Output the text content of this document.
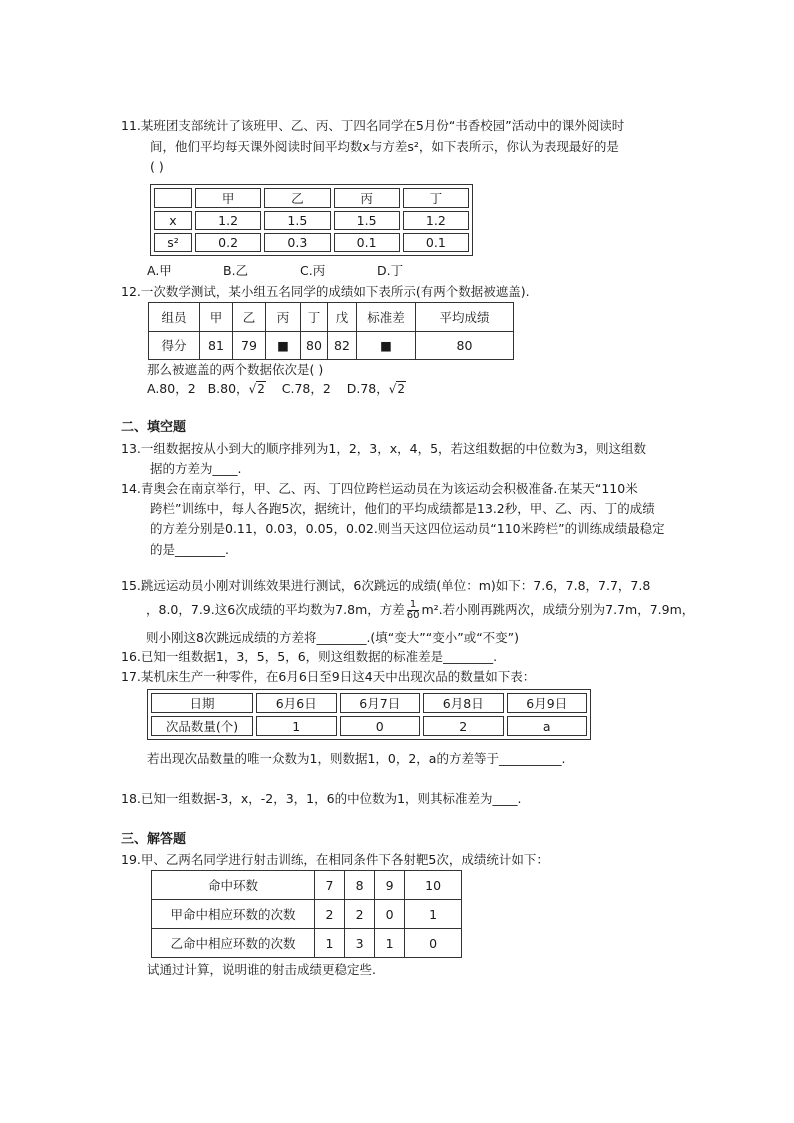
11.某班团支部统计了该班甲、乙、丙、丁四名同学在5月份“书香校园”活动中的课外阅读时
间，他们平均每天课外阅读时间平均数x与方差s²，如下表所示，你认为表现最好的是
( )
	甲	乙	丙	丁
x	1.2	1.5	1.5	1.2
s²	0.2	0.3	0.1	0.1
A.甲	B.乙	C.丙	D.丁
12.一次数学测试，某小组五名同学的成绩如下表所示(有两个数据被遮盖).
组员	甲	乙	丙	丁	戊	标准差	平均成绩
得分	81	79	■	80	82	■	80
那么被遮盖的两个数据依次是( )
A.80，2 B.80，√2 C.78，2 D.78，√2
二、填空题
13.一组数据按从小到大的顺序排列为1，2，3，x，4，5，若这组数据的中位数为3，则这组数
据的方差为____.
14.青奥会在南京举行，甲、乙、丙、丁四位跨栏运动员在为该运动会积极准备.在某天“110米
跨栏”训练中，每人各跑5次，据统计，他们的平均成绩都是13.2秒，甲、乙、丙、丁的成绩
的方差分别是0.11，0.03，0.05，0.02.则当天这四位运动员“110米跨栏”的训练成绩最稳定
的是________.
15.跳远运动员小刚对训练效果进行测试，6次跳远的成绩(单位：m)如下：7.6，7.8，7.7，7.8
，8.0，7.9.这6次成绩的平均数为7.8m，方差 $\frac{1}{60} m^2$.若小刚再跳两次，成绩分别为7.7m，7.9m，
则小刚这8次跳远成绩的方差将________.(填“变大”“变小”或“不变”)
16.已知一组数据1，3，5，5，6，则这组数据的标准差是________.
17.某机床生产一种零件，在6月6日至9日这4天中出现次品的数量如下表：
日期	6月6日	6月7日	6月8日	6月9日
次品数量(个)	1	0	2	a
若出现次品数量的唯一众数为1，则数据1，0，2，a的方差等于__________.
18.已知一组数据-3，x，-2，3，1，6的中位数为1，则其标准差为____.
三、解答题
19.甲、乙两名同学进行射击训练，在相同条件下各射靶5次，成绩统计如下：
命中环数	7	8	9	10
甲命中相应环数的次数	2	2	0	1
乙命中相应环数的次数	1	3	1	0
试通过计算，说明谁的射击成绩更稳定些.
